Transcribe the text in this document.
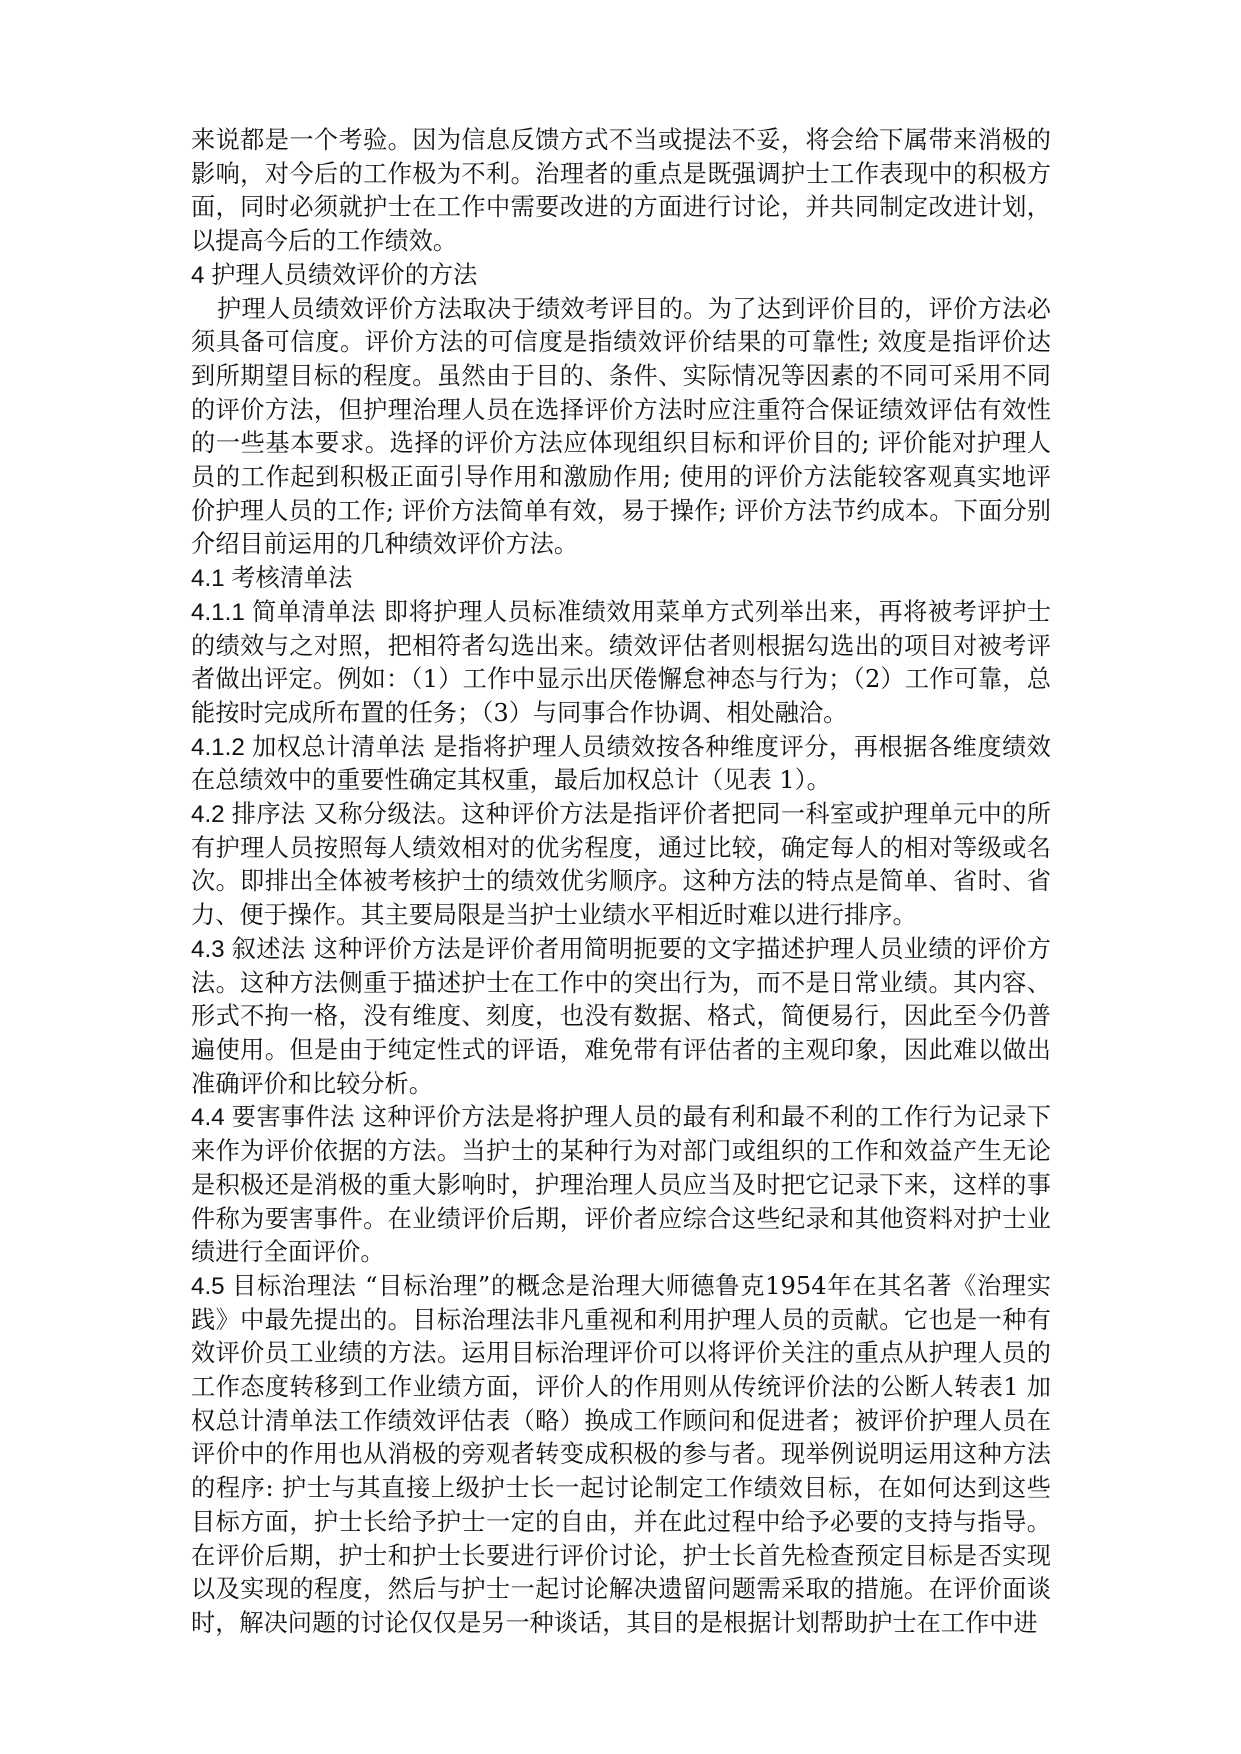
来说都是一个考验。因为信息反馈方式不当或提法不妥，将会给下属带来消极的影响，对今后的工作极为不利。治理者的重点是既强调护士工作表现中的积极方面，同时必须就护士在工作中需要改进的方面进行讨论，并共同制定改进计划，以提高今后的工作绩效。

4 护理人员绩效评价的方法

护理人员绩效评价方法取决于绩效考评目的。为了达到评价目的，评价方法必须具备可信度。评价方法的可信度是指绩效评价结果的可靠性; 效度是指评价达到所期望目标的程度。虽然由于目的、条件、实际情况等因素的不同可采用不同的评价方法，但护理治理人员在选择评价方法时应注重符合保证绩效评估有效性的一些基本要求。选择的评价方法应体现组织目标和评价目的; 评价能对护理人员的工作起到积极正面引导作用和激励作用; 使用的评价方法能较客观真实地评价护理人员的工作; 评价方法简单有效，易于操作; 评价方法节约成本。下面分别介绍目前运用的几种绩效评价方法。

4.1 考核清单法

4.1.1 简单清单法 即将护理人员标准绩效用菜单方式列举出来，再将被考评护士的绩效与之对照，把相符者勾选出来。绩效评估者则根据勾选出的项目对被考评者做出评定。例如：（1）工作中显示出厌倦懈怠神态与行为；（2）工作可靠，总能按时完成所布置的任务；（3）与同事合作协调、相处融洽。

4.1.2 加权总计清单法 是指将护理人员绩效按各种维度评分，再根据各维度绩效在总绩效中的重要性确定其权重，最后加权总计（见表 1）。

4.2 排序法 又称分级法。这种评价方法是指评价者把同一科室或护理单元中的所有护理人员按照每人绩效相对的优劣程度，通过比较，确定每人的相对等级或名次。即排出全体被考核护士的绩效优劣顺序。这种方法的特点是简单、省时、省力、便于操作。其主要局限是当护士业绩水平相近时难以进行排序。

4.3 叙述法 这种评价方法是评价者用简明扼要的文字描述护理人员业绩的评价方法。这种方法侧重于描述护士在工作中的突出行为，而不是日常业绩。其内容、形式不拘一格，没有维度、刻度，也没有数据、格式，简便易行，因此至今仍普遍使用。但是由于纯定性式的评语，难免带有评估者的主观印象，因此难以做出准确评价和比较分析。

4.4 要害事件法 这种评价方法是将护理人员的最有利和最不利的工作行为记录下来作为评价依据的方法。当护士的某种行为对部门或组织的工作和效益产生无论是积极还是消极的重大影响时，护理治理人员应当及时把它记录下来，这样的事件称为要害事件。在业绩评价后期，评价者应综合这些纪录和其他资料对护士业绩进行全面评价。

4.5 目标治理法 “目标治理”的概念是治理大师德鲁克1954年在其名著《治理实践》中最先提出的。目标治理法非凡重视和利用护理人员的贡献。它也是一种有效评价员工业绩的方法。运用目标治理评价可以将评价关注的重点从护理人员的工作态度转移到工作业绩方面，评价人的作用则从传统评价法的公断人转表1 加权总计清单法工作绩效评估表（略）换成工作顾问和促进者；被评价护理人员在评价中的作用也从消极的旁观者转变成积极的参与者。现举例说明运用这种方法的程序: 护士与其直接上级护士长一起讨论制定工作绩效目标，在如何达到这些目标方面，护士长给予护士一定的自由，并在此过程中给予必要的支持与指导。在评价后期，护士和护士长要进行评价讨论，护士长首先检查预定目标是否实现以及实现的程度，然后与护士一起讨论解决遗留问题需采取的措施。在评价面谈时，解决问题的讨论仅仅是另一种谈话，其目的是根据计划帮助护士在工作中进
